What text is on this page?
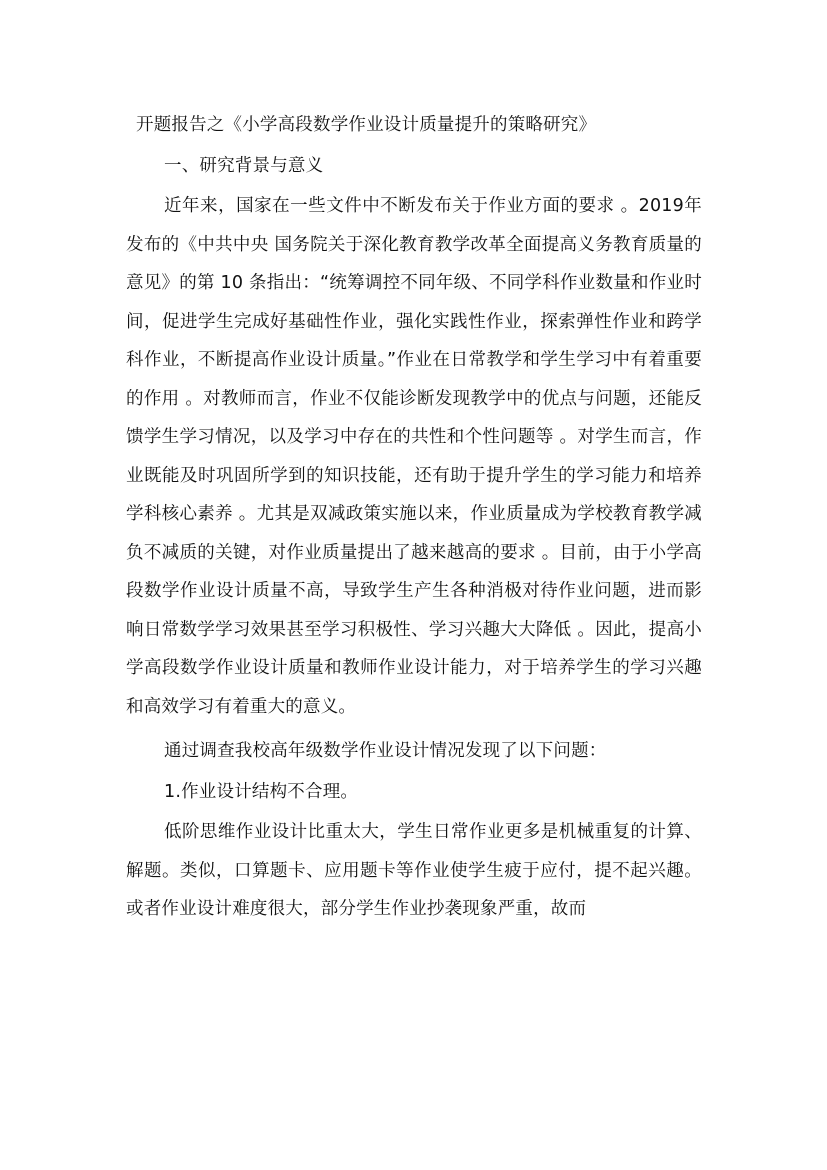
开题报告之《小学高段数学作业设计质量提升的策略研究》
一、研究背景与意义

近年来，国家在一些文件中不断发布关于作业方面的要求 。2019年发布的《中共中央 国务院关于深化教育教学改革全面提高义务教育质量的意见》的第 10 条指出：“统筹调控不同年级、不同学科作业数量和作业时间，促进学生完成好基础性作业，强化实践性作业，探索弹性作业和跨学科作业，不断提高作业设计质量。”作业在日常教学和学生学习中有着重要的作用 。对教师而言，作业不仅能诊断发现教学中的优点与问题，还能反馈学生学习情况，以及学习中存在的共性和个性问题等 。对学生而言，作业既能及时巩固所学到的知识技能，还有助于提升学生的学习能力和培养学科核心素养 。尤其是双减政策实施以来，作业质量成为学校教育教学减负不减质的关键，对作业质量提出了越来越高的要求 。目前，由于小学高段数学作业设计质量不高，导致学生产生各种消极对待作业问题，进而影响日常数学学习效果甚至学习积极性、学习兴趣大大降低 。因此，提高小学高段数学作业设计质量和教师作业设计能力，对于培养学生的学习兴趣和高效学习有着重大的意义。

通过调查我校高年级数学作业设计情况发现了以下问题：

1.作业设计结构不合理。

低阶思维作业设计比重太大，学生日常作业更多是机械重复的计算、解题。类似，口算题卡、应用题卡等作业使学生疲于应付，提不起兴趣。或者作业设计难度很大，部分学生作业抄袭现象严重，故而
